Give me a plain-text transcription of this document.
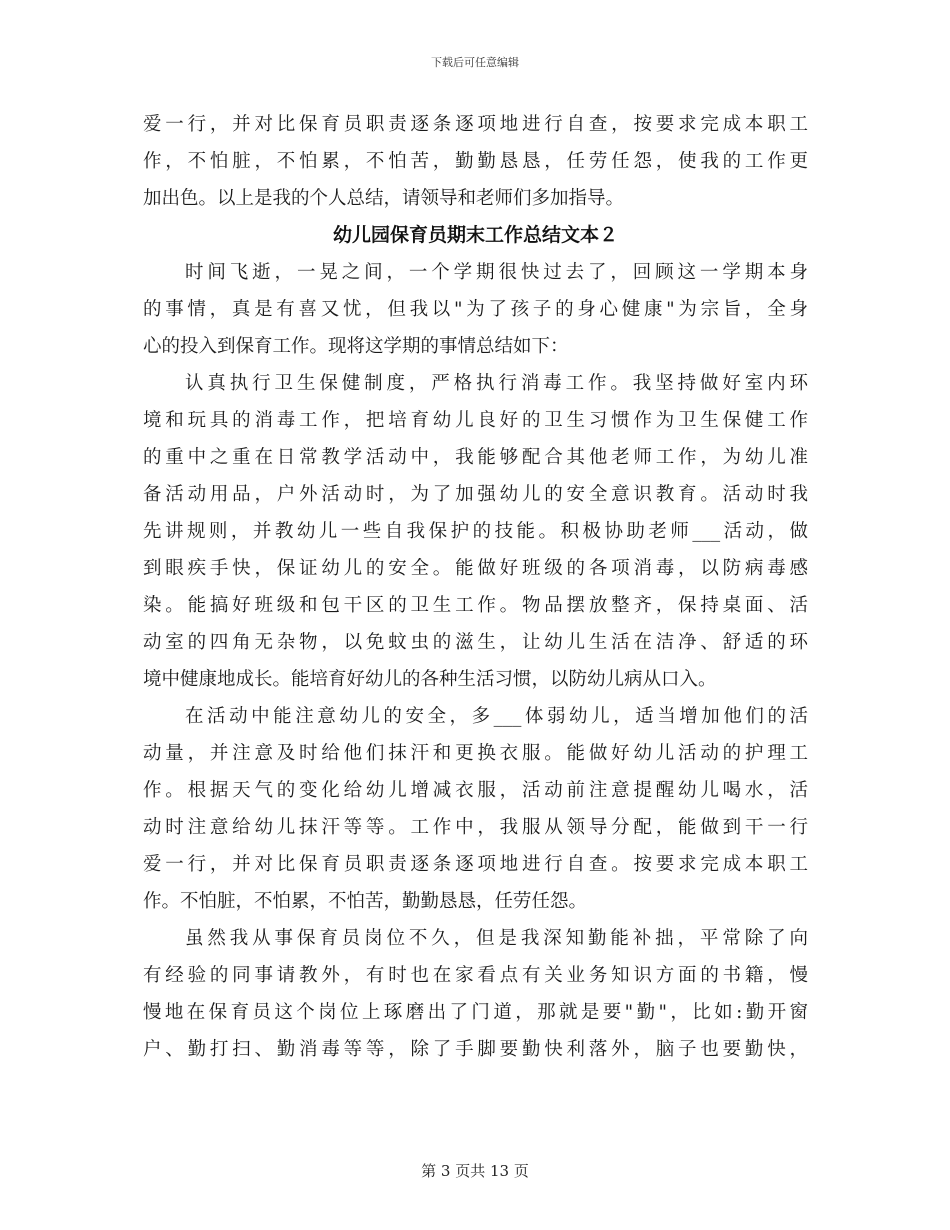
下载后可任意编辑
爱一行，并对比保育员职责逐条逐项地进行自查，按要求完成本职工
作，不怕脏，不怕累，不怕苦，勤勤恳恳，任劳任怨，使我的工作更
加出色。以上是我的个人总结，请领导和老师们多加指导。
幼儿园保育员期末工作总结文本２
时间飞逝，一晃之间，一个学期很快过去了，回顾这一学期本身
的事情，真是有喜又忧，但我以"为了孩子的身心健康"为宗旨，全身
心的投入到保育工作。现将这学期的事情总结如下：
认真执行卫生保健制度，严格执行消毒工作。我坚持做好室内环
境和玩具的消毒工作，把培育幼儿良好的卫生习惯作为卫生保健工作
的重中之重在日常教学活动中，我能够配合其他老师工作，为幼儿准
备活动用品，户外活动时，为了加强幼儿的安全意识教育。活动时我
先讲规则，并教幼儿一些自我保护的技能。积极协助老师___活动，做
到眼疾手快，保证幼儿的安全。能做好班级的各项消毒，以防病毒感
染。能搞好班级和包干区的卫生工作。物品摆放整齐，保持桌面、活
动室的四角无杂物，以免蚊虫的滋生，让幼儿生活在洁净、舒适的环
境中健康地成长。能培育好幼儿的各种生活习惯，以防幼儿病从口入。
在活动中能注意幼儿的安全，多___体弱幼儿，适当增加他们的活
动量，并注意及时给他们抹汗和更换衣服。能做好幼儿活动的护理工
作。根据天气的变化给幼儿增减衣服，活动前注意提醒幼儿喝水，活
动时注意给幼儿抹汗等等。工作中，我服从领导分配，能做到干一行
爱一行，并对比保育员职责逐条逐项地进行自查。按要求完成本职工
作。不怕脏，不怕累，不怕苦，勤勤恳恳，任劳任怨。
虽然我从事保育员岗位不久，但是我深知勤能补拙，平常除了向
有经验的同事请教外，有时也在家看点有关业务知识方面的书籍，慢
慢地在保育员这个岗位上琢磨出了门道，那就是要"勤"，比如:勤开窗
户、勤打扫、勤消毒等等，除了手脚要勤快利落外，脑子也要勤快，
第 3 页共 13 页
